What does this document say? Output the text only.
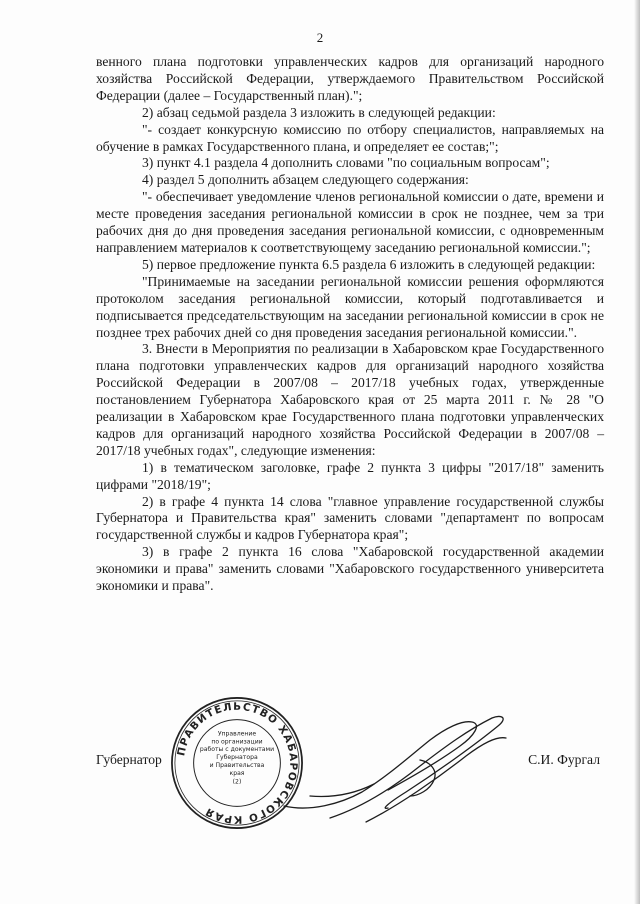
2

венного плана подготовки управленческих кадров для организаций народного хозяйства Российской Федерации, утверждаемого Правительством Российской Федерации (далее – Государственный план).";

2) абзац седьмой раздела 3 изложить в следующей редакции:

"- создает конкурсную комиссию по отбору специалистов, направляемых на обучение в рамках Государственного плана, и определяет ее состав;";

3) пункт 4.1 раздела 4 дополнить словами "по социальным вопросам";

4) раздел 5 дополнить абзацем следующего содержания:

"- обеспечивает уведомление членов региональной комиссии о дате, времени и месте проведения заседания региональной комиссии в срок не позднее, чем за три рабочих дня до дня проведения заседания региональной комиссии, с одновременным направлением материалов к соответствующему заседанию региональной комиссии.";

5) первое предложение пункта 6.5 раздела 6 изложить в следующей редакции:

"Принимаемые на заседании региональной комиссии решения оформляются протоколом заседания региональной комиссии, который подготавливается и подписывается председательствующим на заседании региональной комиссии в срок не позднее трех рабочих дней со дня проведения заседания региональной комиссии.".

3. Внести в Мероприятия по реализации в Хабаровском крае Государственного плана подготовки управленческих кадров для организаций народного хозяйства Российской Федерации в 2007/08 – 2017/18 учебных годах, утвержденные постановлением Губернатора Хабаровского края от 25 марта 2011 г. № 28 "О реализации в Хабаровском крае Государственного плана подготовки управленческих кадров для организаций народного хозяйства Российской Федерации в 2007/08 – 2017/18 учебных годах", следующие изменения:

1) в тематическом заголовке, графе 2 пункта 3 цифры "2017/18" заменить цифрами "2018/19";

2) в графе 4 пункта 14 слова "главное управление государственной службы Губернатора и Правительства края" заменить словами "департамент по вопросам государственной службы и кадров Губернатора края";

3) в графе 2 пункта 16 слова "Хабаровской государственной академии экономики и права" заменить словами "Хабаровского государственного университета экономики и права".

ПРАВИТЕЛЬСТВО ХАБАРОВСКОГО КРАЯ
Управление
по организации
работы с документами
Губернатора
и Правительства
края
(2)
Губернатор	С.И. Фургал
